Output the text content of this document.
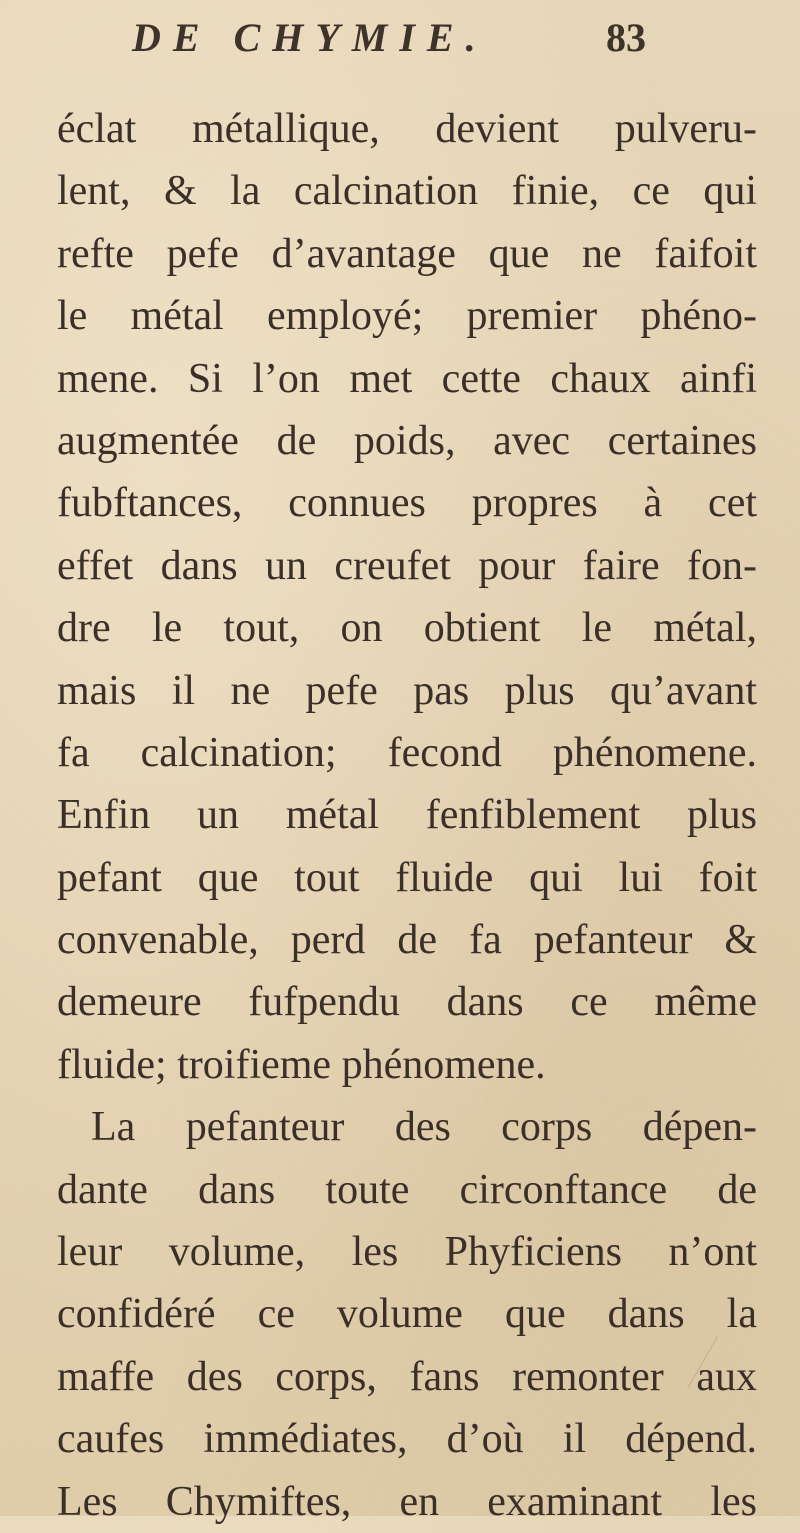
DE CHYMIE.	83
éclat métallique, devient pulveru-
lent, & la calcination finie, ce qui
refte pefe d’avantage que ne faifoit
le métal employé; premier phéno-
mene. Si l’on met cette chaux ainfi
augmentée de poids, avec certaines
fubftances, connues propres à cet
effet dans un creufet pour faire fon-
dre le tout, on obtient le métal,
mais il ne pefe pas plus qu’avant
fa calcination; fecond phénomene.
Enfin un métal fenfiblement plus
pefant que tout fluide qui lui foit
convenable, perd de fa pefanteur &
demeure fufpendu dans ce même
fluide; troifieme phénomene.
La pefanteur des corps dépen-
dante dans toute circonftance de
leur volume, les Phyficiens n’ont
confidéré ce volume que dans la
maffe des corps, fans remonter aux
caufes immédiates, d’où il dépend.
Les Chymiftes, en examinant les
